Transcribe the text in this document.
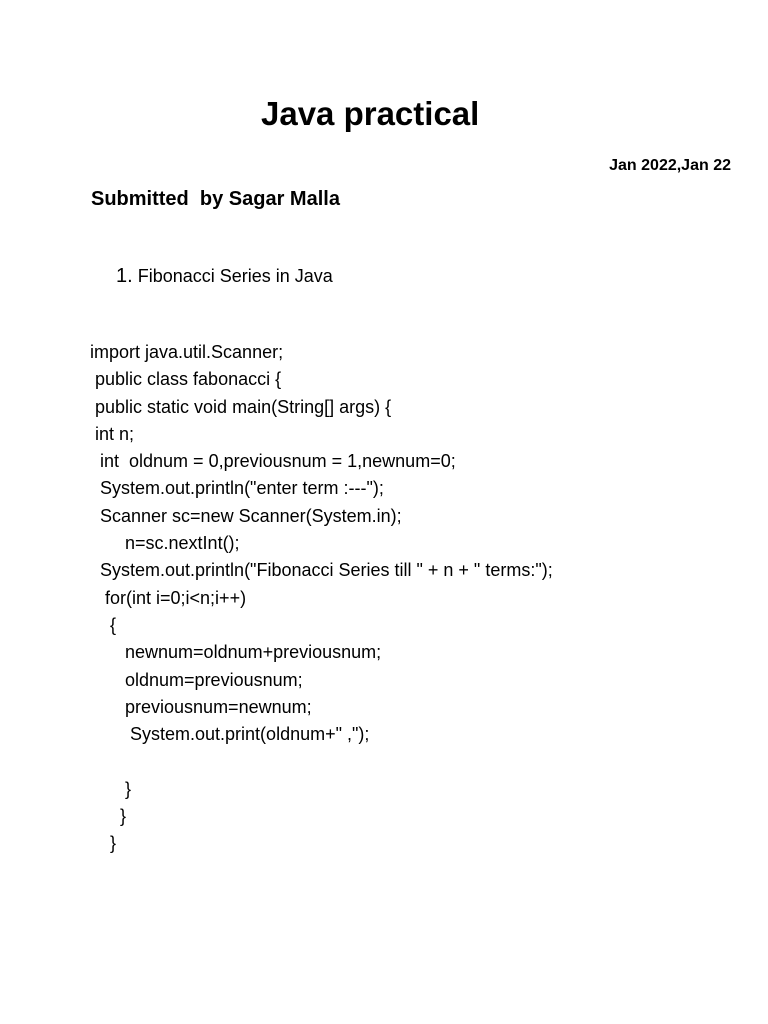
Java practical
Jan 2022,Jan 22
Submitted  by Sagar Malla
1. Fibonacci Series in Java
import java.util.Scanner;
public class fabonacci {
public static void main(String[] args) {
int n;
int  oldnum = 0,previousnum = 1,newnum=0;
System.out.println("enter term :---");
Scanner sc=new Scanner(System.in);
n=sc.nextInt();
System.out.println("Fibonacci Series till " + n + " terms:");
for(int i=0;i<n;i++)
{
newnum=oldnum+previousnum;
oldnum=previousnum;
previousnum=newnum;
System.out.print(oldnum+" ,");
}
}
}
